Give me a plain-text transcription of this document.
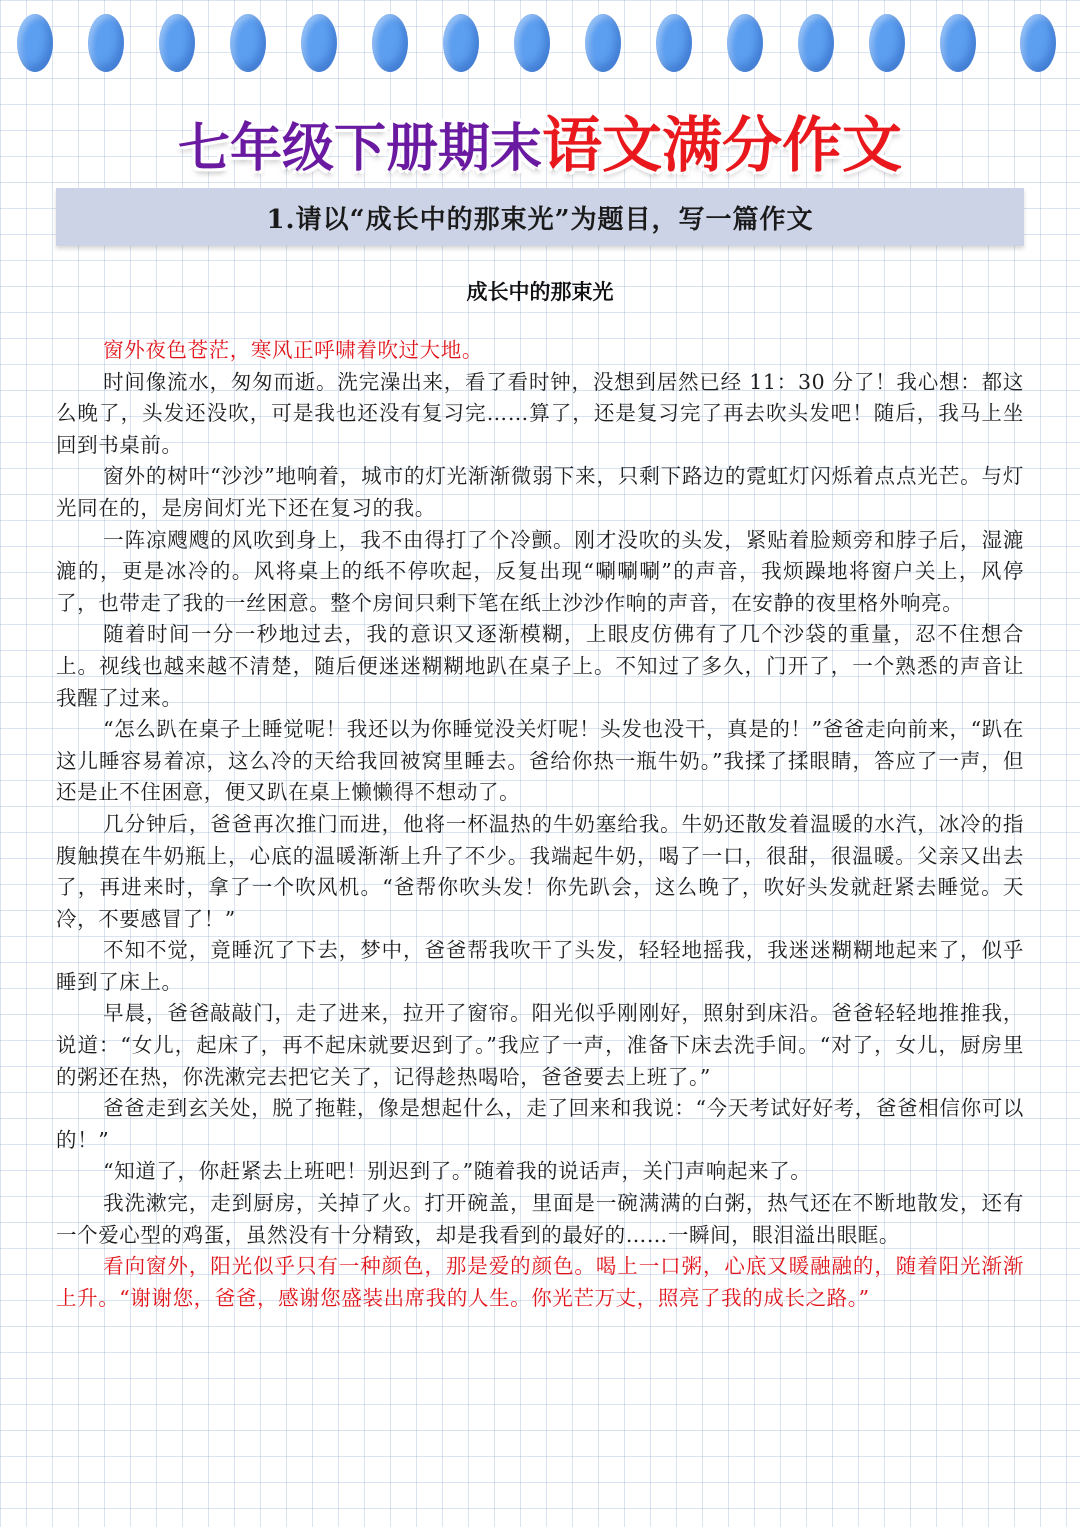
七年级下册期末语文满分作文
1.请以“成长中的那束光”为题目，写一篇作文
成长中的那束光

窗外夜色苍茫，寒风正呼啸着吹过大地。

时间像流水，匆匆而逝。洗完澡出来，看了看时钟，没想到居然已经 11：30 分了！我心想：都这么晚了，头发还没吹，可是我也还没有复习完……算了，还是复习完了再去吹头发吧！随后，我马上坐回到书桌前。

窗外的树叶“沙沙”地响着，城市的灯光渐渐微弱下来，只剩下路边的霓虹灯闪烁着点点光芒。与灯光同在的，是房间灯光下还在复习的我。

一阵凉飕飕的风吹到身上，我不由得打了个冷颤。刚才没吹的头发，紧贴着脸颊旁和脖子后，湿漉漉的，更是冰冷的。风将桌上的纸不停吹起，反复出现“唰唰唰”的声音，我烦躁地将窗户关上，风停了，也带走了我的一丝困意。整个房间只剩下笔在纸上沙沙作响的声音，在安静的夜里格外响亮。

随着时间一分一秒地过去，我的意识又逐渐模糊，上眼皮仿佛有了几个沙袋的重量，忍不住想合上。视线也越来越不清楚，随后便迷迷糊糊地趴在桌子上。不知过了多久，门开了，一个熟悉的声音让我醒了过来。

“怎么趴在桌子上睡觉呢！我还以为你睡觉没关灯呢！头发也没干，真是的！”爸爸走向前来，“趴在这儿睡容易着凉，这么冷的天给我回被窝里睡去。爸给你热一瓶牛奶。”我揉了揉眼睛，答应了一声，但还是止不住困意，便又趴在桌上懒懒得不想动了。

几分钟后，爸爸再次推门而进，他将一杯温热的牛奶塞给我。牛奶还散发着温暖的水汽，冰冷的指腹触摸在牛奶瓶上，心底的温暖渐渐上升了不少。我端起牛奶，喝了一口，很甜，很温暖。父亲又出去了，再进来时，拿了一个吹风机。“爸帮你吹头发！你先趴会，这么晚了，吹好头发就赶紧去睡觉。天冷，不要感冒了！”

不知不觉，竟睡沉了下去，梦中，爸爸帮我吹干了头发，轻轻地摇我，我迷迷糊糊地起来了，似乎睡到了床上。

早晨，爸爸敲敲门，走了进来，拉开了窗帘。阳光似乎刚刚好，照射到床沿。爸爸轻轻地推推我，说道：“女儿，起床了，再不起床就要迟到了。”我应了一声，准备下床去洗手间。“对了，女儿，厨房里的粥还在热，你洗漱完去把它关了，记得趁热喝哈，爸爸要去上班了。”

爸爸走到玄关处，脱了拖鞋，像是想起什么，走了回来和我说：“今天考试好好考，爸爸相信你可以的！”

“知道了，你赶紧去上班吧！别迟到了。”随着我的说话声，关门声响起来了。

我洗漱完，走到厨房，关掉了火。打开碗盖，里面是一碗满满的白粥，热气还在不断地散发，还有一个爱心型的鸡蛋，虽然没有十分精致，却是我看到的最好的……一瞬间，眼泪溢出眼眶。

看向窗外，阳光似乎只有一种颜色，那是爱的颜色。喝上一口粥，心底又暖融融的，随着阳光渐渐上升。“谢谢您，爸爸，感谢您盛装出席我的人生。你光芒万丈，照亮了我的成长之路。”
